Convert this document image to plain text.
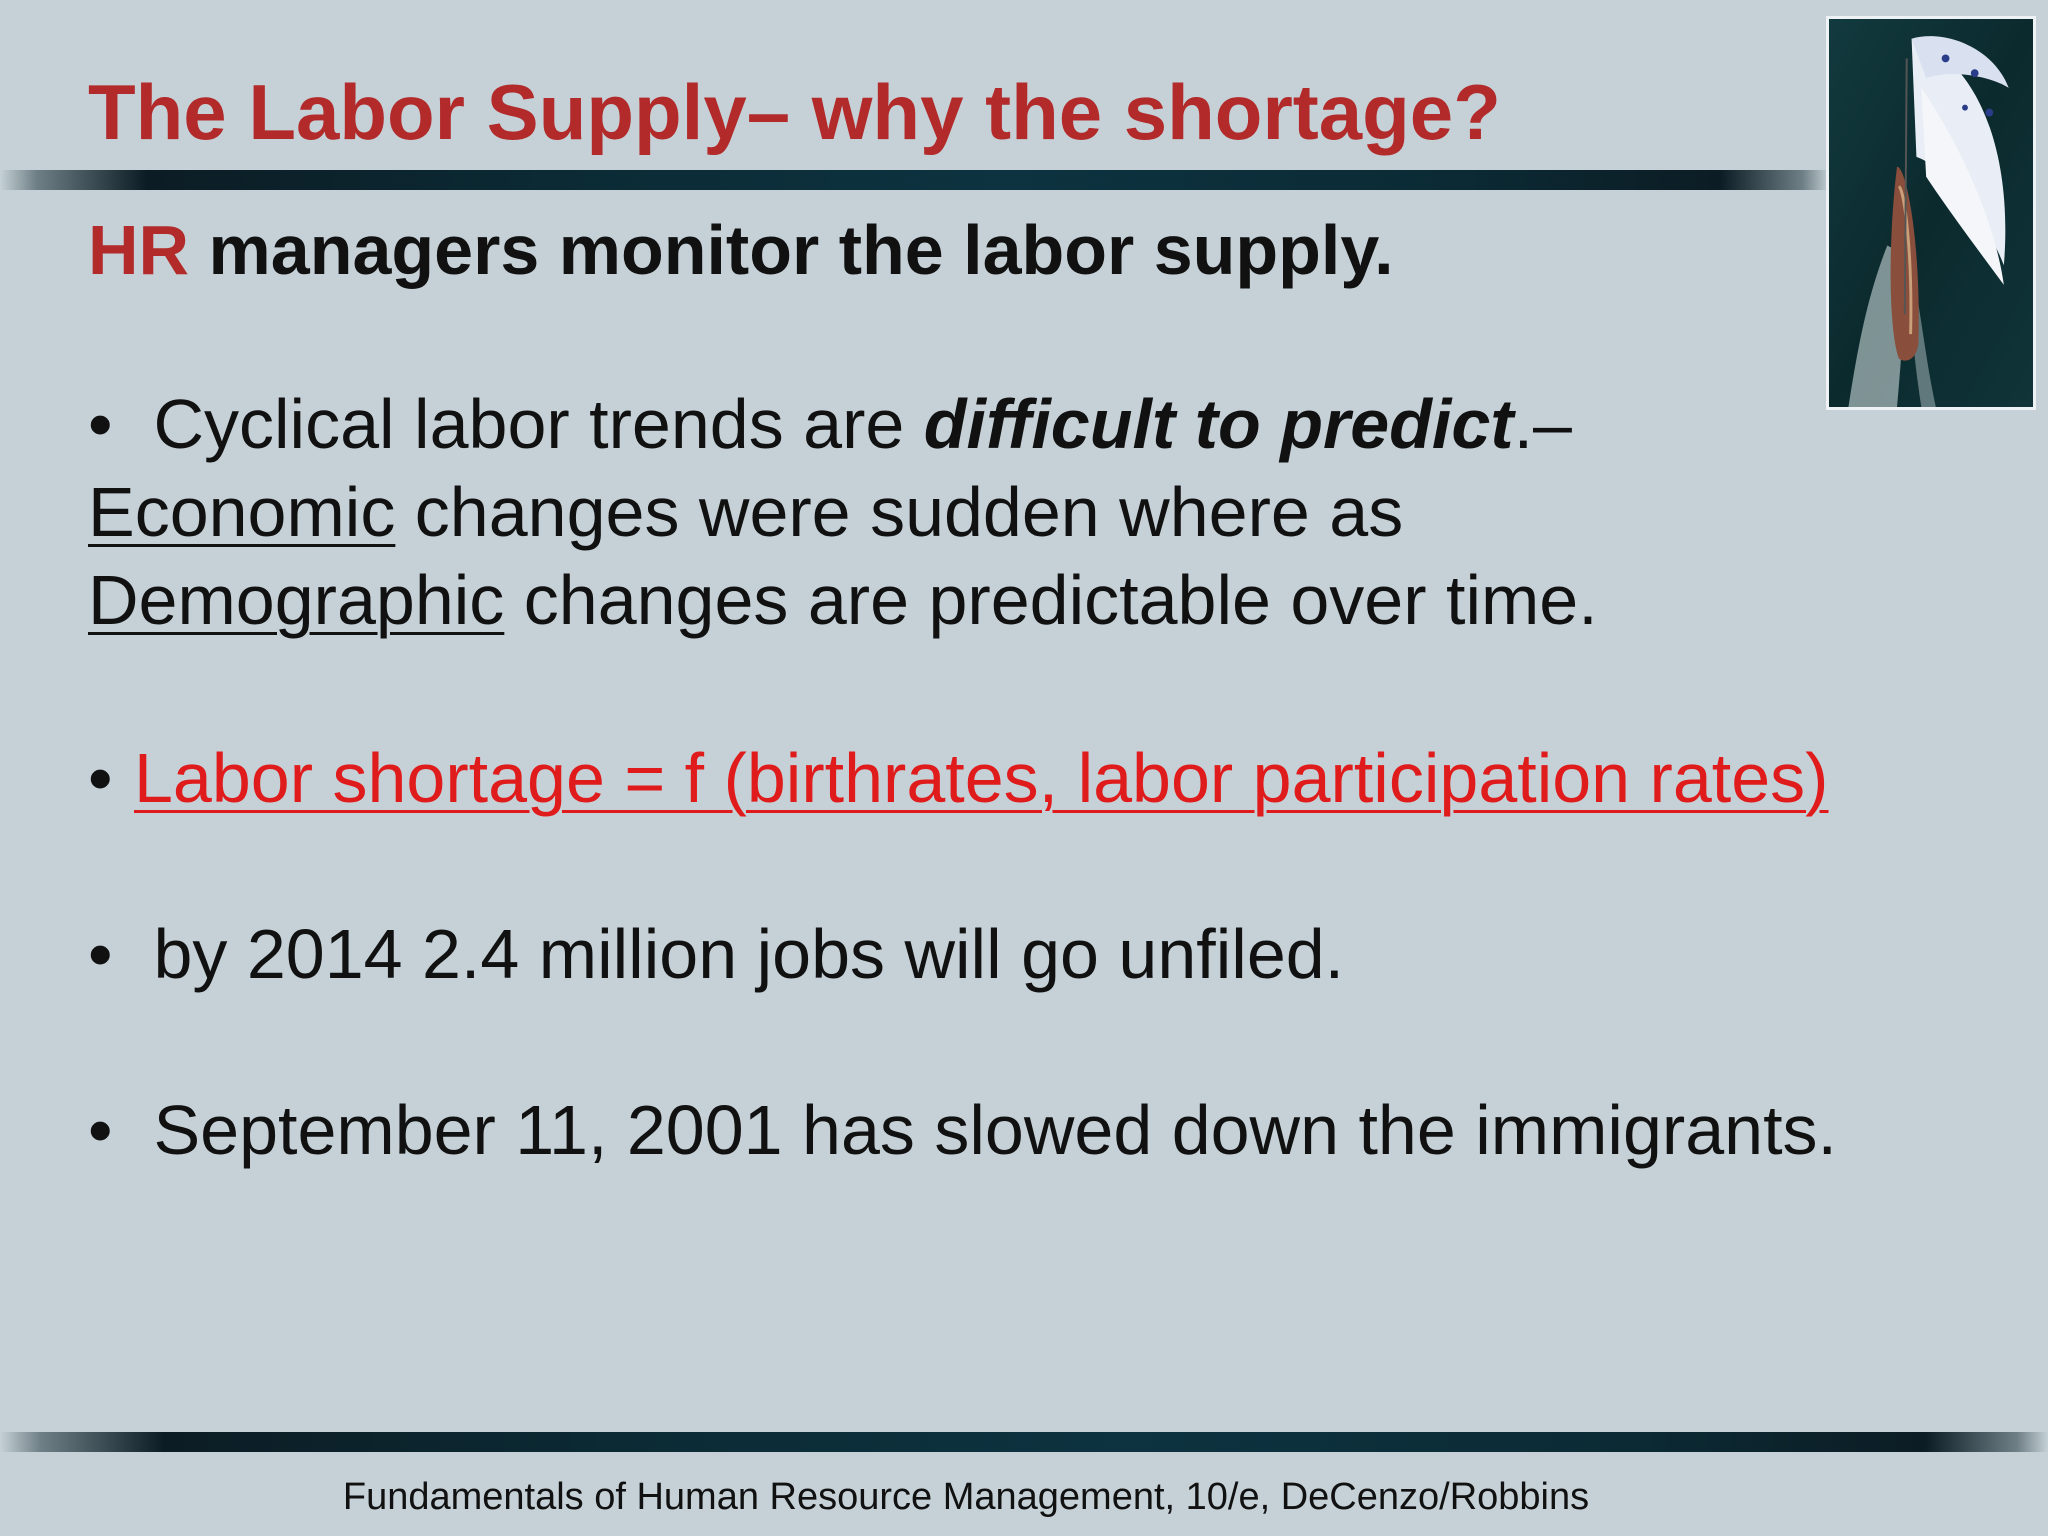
The Labor Supply– why the shortage?
HR managers monitor the labor supply.
• Cyclical labor trends are difficult to predict.–
Economic changes were sudden where as
Demographic changes are predictable over time.
• Labor shortage = f (birthrates, labor participation rates)
• by 2014 2.4 million jobs will go unfiled.
• September 11, 2001 has slowed down the immigrants.
Fundamentals of Human Resource Management, 10/e, DeCenzo/Robbins
